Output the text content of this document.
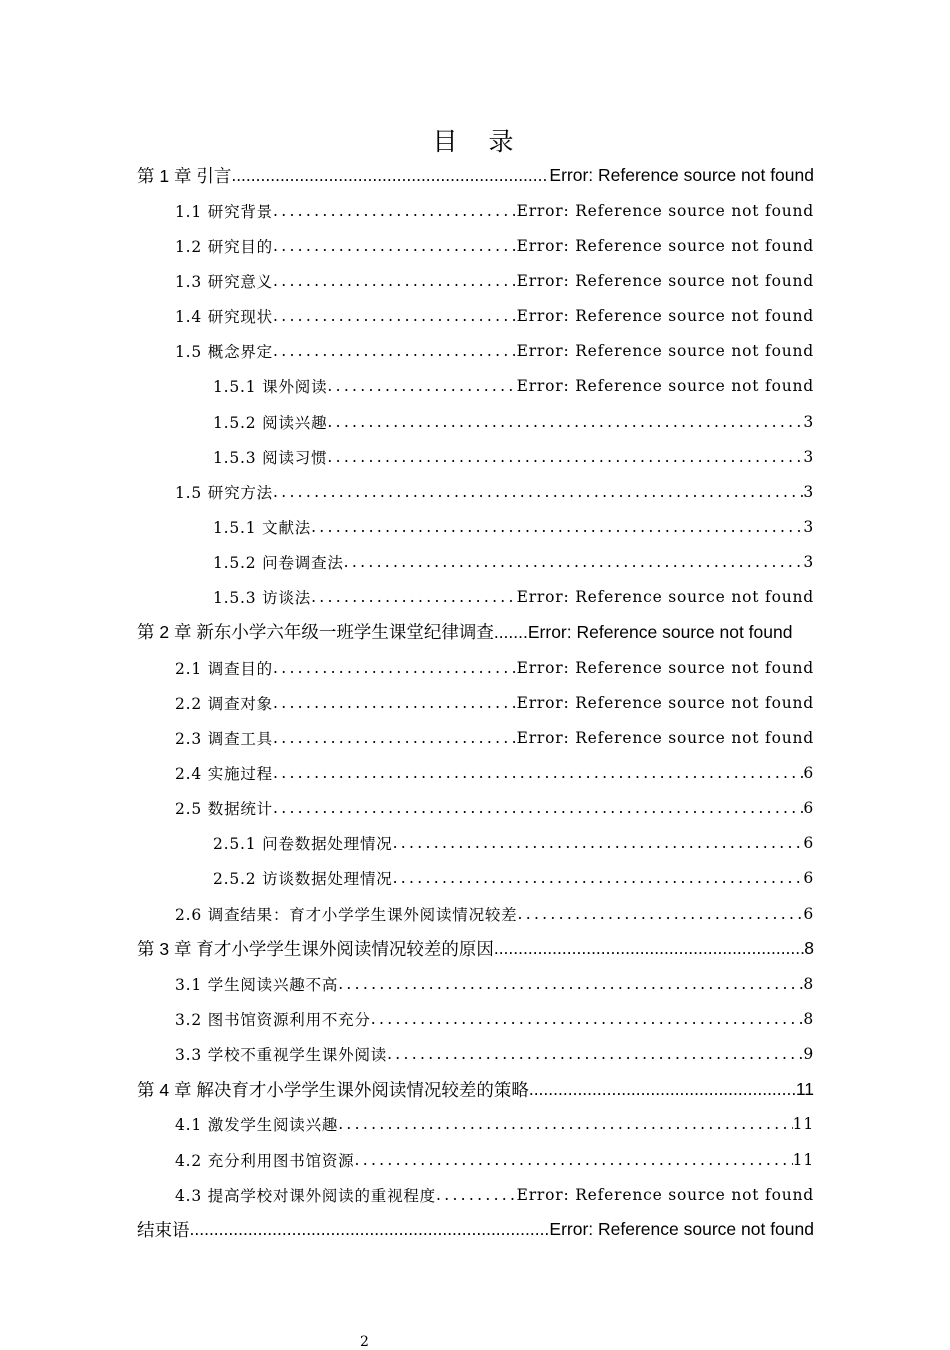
目 录
第 1 章 引言 .....	Error: Reference source not found
1.1 研究背景 .....	Error: Reference source not found
1.2 研究目的 .....	Error: Reference source not found
1.3 研究意义 .....	Error: Reference source not found
1.4 研究现状 .....	Error: Reference source not found
1.5 概念界定 .....	Error: Reference source not found
1.5.1 课外阅读 .....	Error: Reference source not found
1.5.2 阅读兴趣 .....	3
1.5.3 阅读习惯 .....	3
1.5 研究方法 .....	3
1.5.1 文献法 .....	3
1.5.2 问卷调查法 .....	3
1.5.3 访谈法 .....	Error: Reference source not found
第 2 章 新东小学六年级一班学生课堂纪律调查 ....... Error: Reference source not found
2.1 调查目的 .....	Error: Reference source not found
2.2 调查对象 .....	Error: Reference source not found
2.3 调查工具 .....	Error: Reference source not found
2.4 实施过程 .....	6
2.5 数据统计 .....	6
2.5.1 问卷数据处理情况 .....	6
2.5.2 访谈数据处理情况 .....	6
2.6 调查结果：育才小学学生课外阅读情况较差 .....	6
第 3 章 育才小学学生课外阅读情况较差的原因 .....	8
3.1 学生阅读兴趣不高 .....	8
3.2 图书馆资源利用不充分 .....	8
3.3 学校不重视学生课外阅读 .....	9
第 4 章 解决育才小学学生课外阅读情况较差的策略 .....	11
4.1 激发学生阅读兴趣 .....	11
4.2 充分利用图书馆资源 .....	11
4.3 提高学校对课外阅读的重视程度 .....	Error: Reference source not found
结束语 .....	Error: Reference source not found
2
